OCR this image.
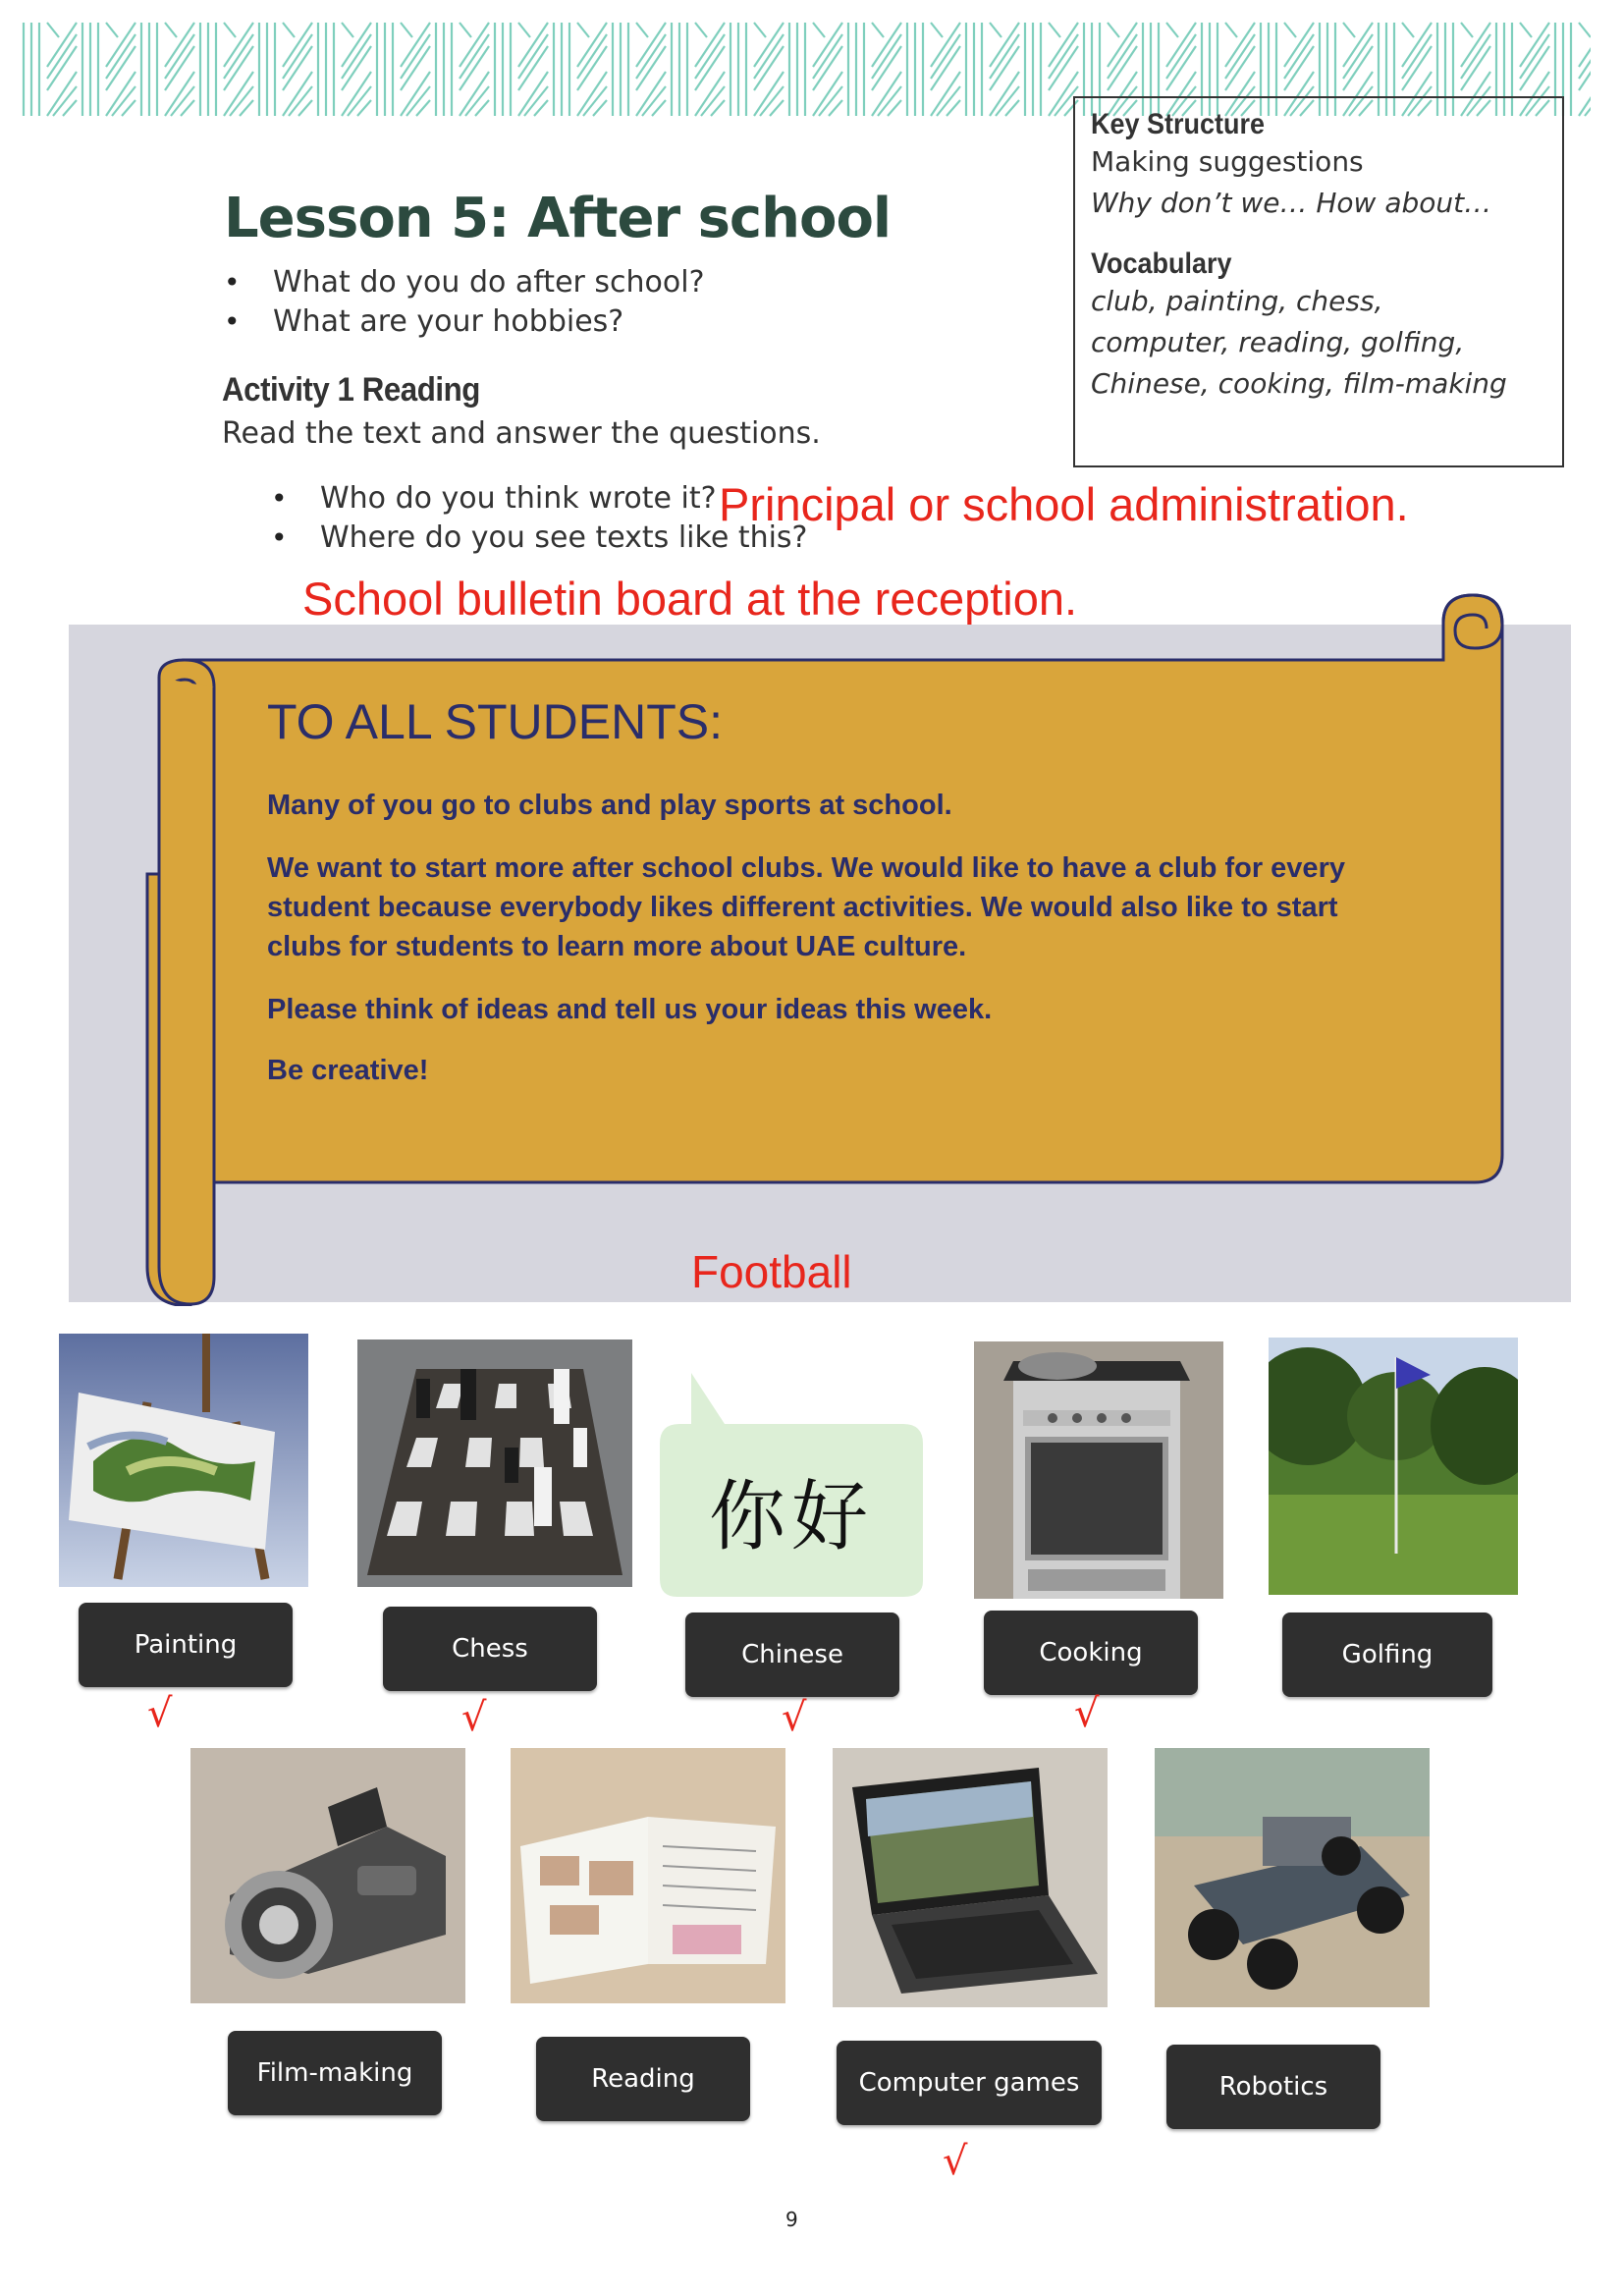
Lesson 5: After school
• What do you do after school?
• What are your hobbies?
Key Structure
Making suggestions
Why don’t we… How about…
Vocabulary
club, painting, chess,
computer, reading, golfing,
Chinese, cooking, film-making
Activity 1 Reading
Read the text and answer the questions.
• Who do you think wrote it?
• Where do you see texts like this?
Principal or school administration.
School bulletin board at the reception.
TO ALL STUDENTS:

Many of you go to clubs and play sports at school.

We want to start more after school clubs. We would like to have a club for every student because everybody likes different activities. We would also like to start clubs for students to learn more about UAE culture.

Please think of ideas and tell us your ideas this week.

Be creative!

Football
你好
Painting	Chess	Chinese	Cooking	Golfing
√	√	√	√
Film-making	Reading	Computer games	Robotics
√
9
